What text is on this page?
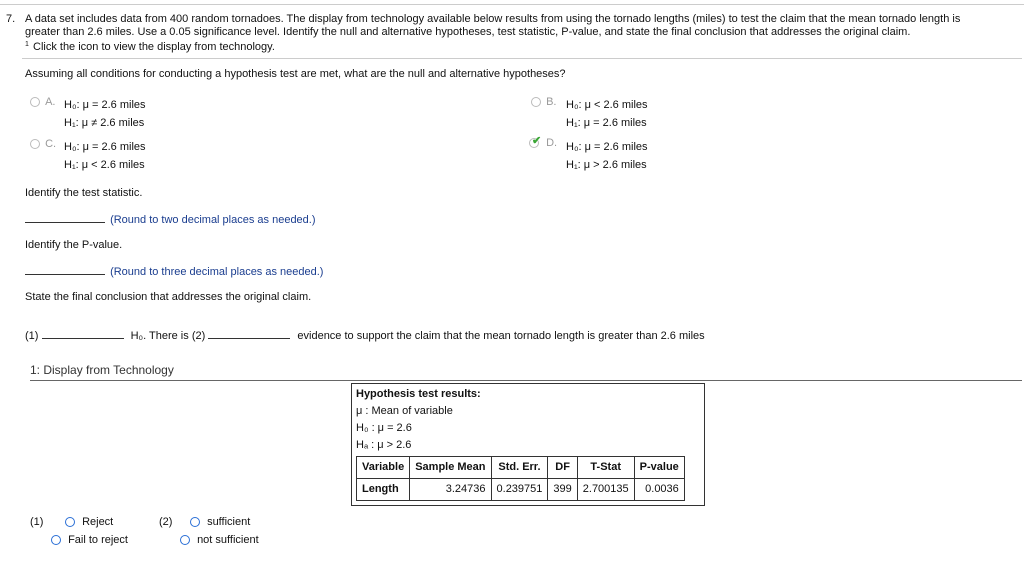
7. A data set includes data from 400 random tornadoes. The display from technology available below results from using the tornado lengths (miles) to test the claim that the mean tornado length is
greater than 2.6 miles. Use a 0.05 significance level. Identify the null and alternative hypotheses, test statistic, P-value, and state the final conclusion that addresses the original claim.
1 Click the icon to view the display from technology.
Assuming all conditions for conducting a hypothesis test are met, what are the null and alternative hypotheses?
A. H₀: μ = 2.6 miles
H₁: μ ≠ 2.6 miles
B. H₀: μ < 2.6 miles
H₁: μ = 2.6 miles
C. H₀: μ = 2.6 miles
H₁: μ < 2.6 miles
✔ D. H₀: μ = 2.6 miles
H₁: μ > 2.6 miles
Identify the test statistic.
(Round to two decimal places as needed.)
Identify the P-value.
(Round to three decimal places as needed.)
State the final conclusion that addresses the original claim.
(1)	H₀. There is (2)	evidence to support the claim that the mean tornado length is greater than 2.6 miles
1: Display from Technology
Hypothesis test results:
μ : Mean of variable
H₀ : μ = 2.6
Hₐ : μ > 2.6
Variable	Sample Mean	Std. Err.	DF	T-Stat	P-value
Length	3.24736	0.239751	399	2.700135	0.0036
(1)	Reject
Fail to reject
(2)	sufficient
not sufficient
